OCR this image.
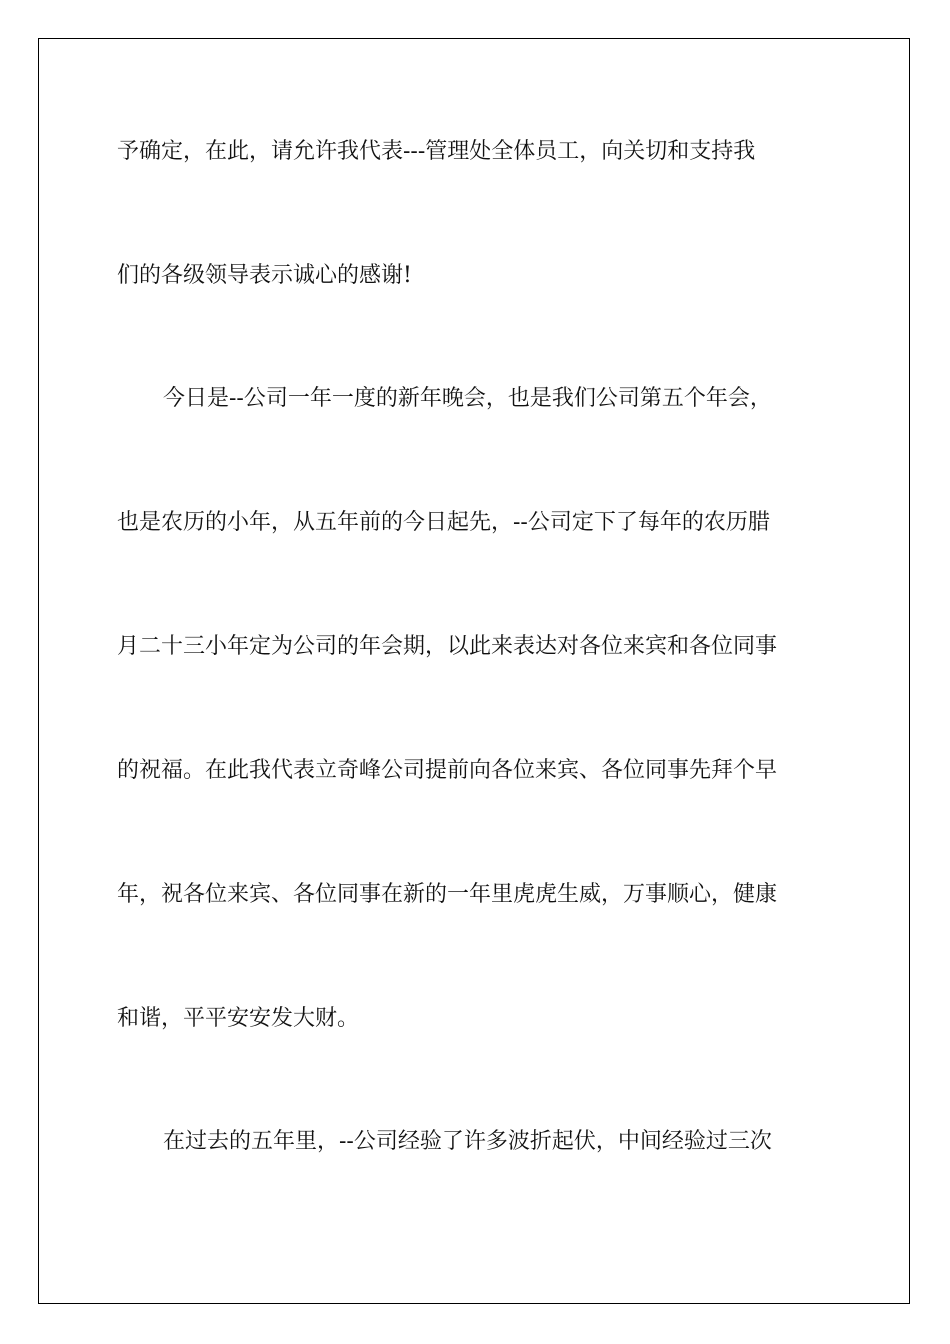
予确定，在此，请允许我代表---管理处全体员工，向关切和支持我
们的各级领导表示诚心的感谢!
今日是--公司一年一度的新年晚会，也是我们公司第五个年会，
也是农历的小年，从五年前的今日起先，--公司定下了每年的农历腊
月二十三小年定为公司的年会期，以此来表达对各位来宾和各位同事
的祝福。在此我代表立奇峰公司提前向各位来宾、各位同事先拜个早
年，祝各位来宾、各位同事在新的一年里虎虎生威，万事顺心，健康
和谐，平平安安发大财。
在过去的五年里，--公司经验了许多波折起伏，中间经验过三次
